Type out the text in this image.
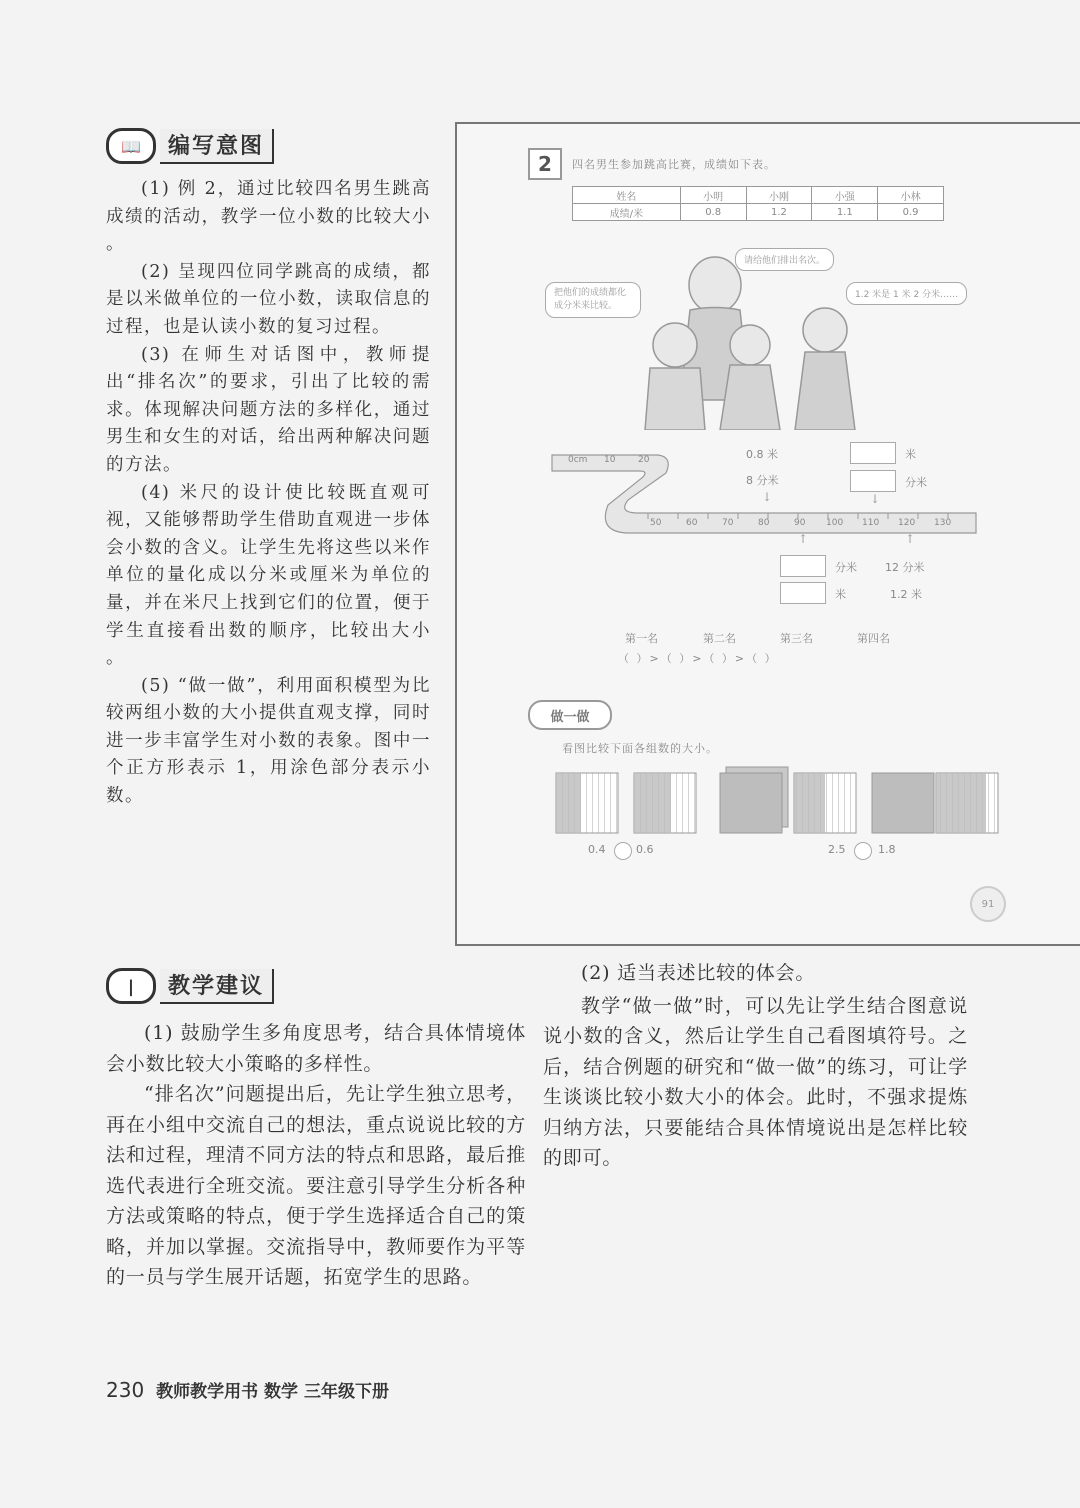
📖	编写意图

(1) 例 2，通过比较四名男生跳高成绩的活动，教学一位小数的比较大小 。

(2) 呈现四位同学跳高的成绩，都是以米做单位的一位小数，读取信息的过程，也是认读小数的复习过程。

(3) 在师生对话图中，教师提出“排名次”的要求，引出了比较的需求。体现解决问题方法的多样化，通过男生和女生的对话，给出两种解决问题的方法。

(4) 米尺的设计使比较既直观可视，又能够帮助学生借助直观进一步体会小数的含义。让学生先将这些以米作单位的量化成以分米或厘米为单位的量，并在米尺上找到它们的位置，便于学生直接看出数的顺序，比较出大小 。

(5) “做一做”，利用面积模型为比较两组小数的大小提供直观支撑，同时进一步丰富学生对小数的表象。图中一个正方形表示 1，用涂色部分表示小数。

2	四名男生参加跳高比赛，成绩如下表。
姓名	小明	小刚	小强	小林
成绩/米	0.8	1.2	1.1	0.9
请给他们排出名次。
把他们的成绩都化成分米来比较。
1.2 米是 1 米 2 分米……
0cm 10	20
50	60	70	80	90 100 110 120 130
0.8 米
8 分米
↓
米
分米
↓
↑	↑
分米
米
12 分米
1.2 米
第一名	第二名	第三名	第四名
（ ）>（ ）>（ ）>（ ）
做一做
看图比较下面各组数的大小。
0.4	0.6	2.5	1.8
91
❘	教学建议

(1) 鼓励学生多角度思考，结合具体情境体会小数比较大小策略的多样性。

“排名次”问题提出后，先让学生独立思考，再在小组中交流自己的想法，重点说说比较的方法和过程，理清不同方法的特点和思路，最后推选代表进行全班交流。要注意引导学生分析各种方法或策略的特点，便于学生选择适合自己的策略，并加以掌握。交流指导中，教师要作为平等的一员与学生展开话题，拓宽学生的思路。

(2) 适当表述比较的体会。

教学“做一做”时，可以先让学生结合图意说说小数的含义，然后让学生自己看图填符号。之后，结合例题的研究和“做一做”的练习，可让学生谈谈比较小数大小的体会。此时，不强求提炼归纳方法，只要能结合具体情境说出是怎样比较的即可。

230 教师教学用书 数学 三年级下册
